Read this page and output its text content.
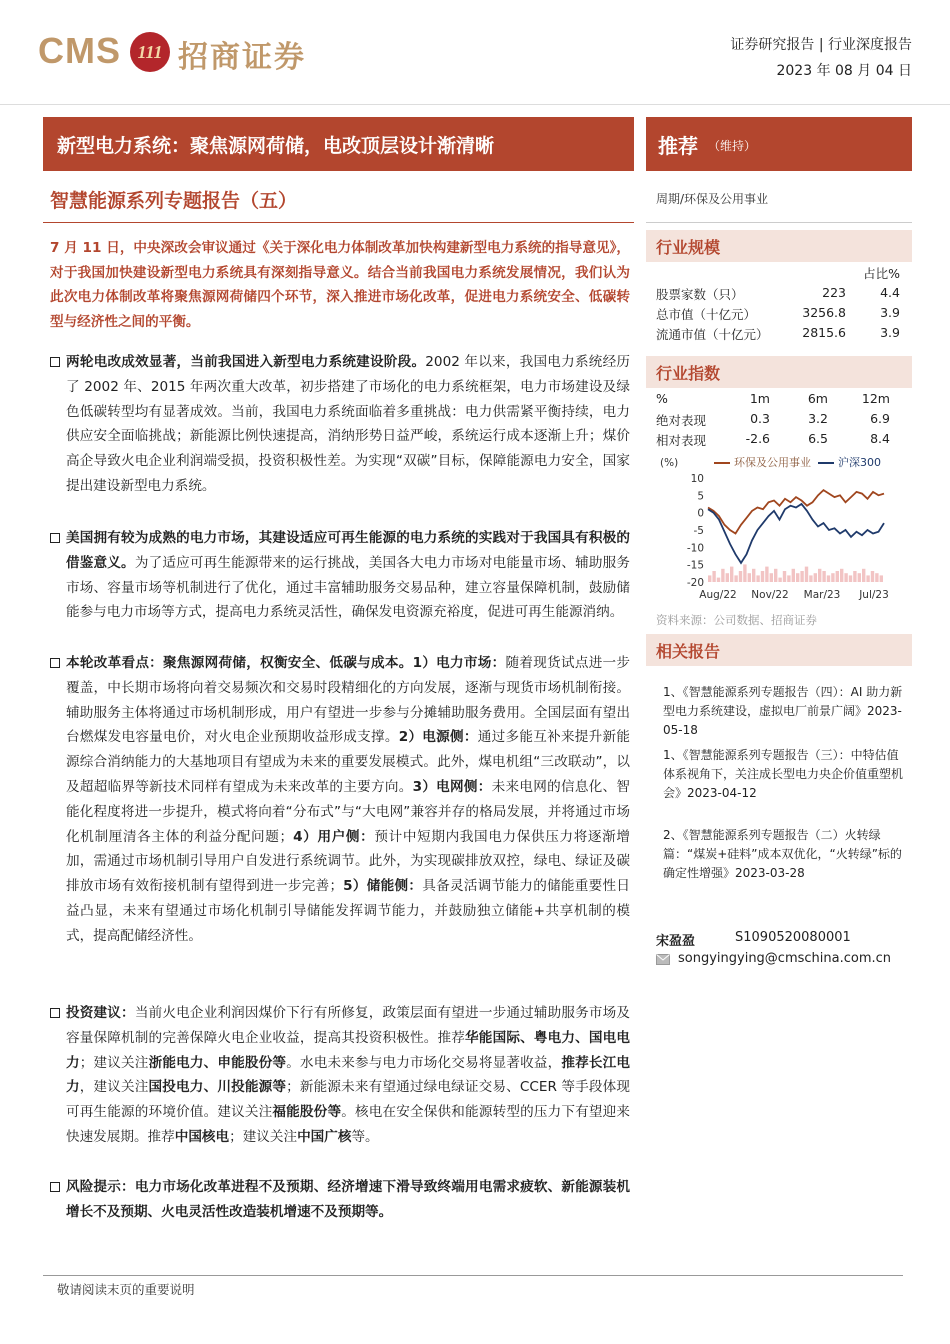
CMS 111 招商证券	证券研究报告 | 行业深度报告
2023 年 08 月 04 日
新型电力系统：聚焦源网荷储，电改顶层设计渐清晰	推荐 （维持）
智慧能源系列专题报告（五）	周期/环保及公用事业
7 月 11 日，中央深改会审议通过《关于深化电力体制改革加快构建新型电力系统的指导意见》，对于我国加快建设新型电力系统具有深刻指导意义。结合当前我国电力系统发展情况，我们认为此次电力体制改革将聚焦源网荷储四个环节，深入推进市场化改革，促进电力系统安全、低碳转型与经济性之间的平衡。
两轮电改成效显著，当前我国进入新型电力系统建设阶段。2002 年以来，我国电力系统经历了 2002 年、2015 年两次重大改革，初步搭建了市场化的电力系统框架，电力市场建设及绿色低碳转型均有显著成效。当前，我国电力系统面临着多重挑战：电力供需紧平衡持续，电力供应安全面临挑战；新能源比例快速提高，消纳形势日益严峻，系统运行成本逐渐上升；煤价高企导致火电企业利润端受损，投资积极性差。为实现“双碳”目标，保障能源电力安全，国家提出建设新型电力系统。
美国拥有较为成熟的电力市场，其建设适应可再生能源的电力系统的实践对于我国具有积极的借鉴意义。为了适应可再生能源带来的运行挑战，美国各大电力市场对电能量市场、辅助服务市场、容量市场等机制进行了优化，通过丰富辅助服务交易品种，建立容量保障机制，鼓励储能参与电力市场等方式，提高电力系统灵活性，确保发电资源充裕度，促进可再生能源消纳。
本轮改革看点：聚焦源网荷储，权衡安全、低碳与成本。1）电力市场：随着现货试点进一步覆盖，中长期市场将向着交易频次和交易时段精细化的方向发展，逐渐与现货市场机制衔接。辅助服务主体将通过市场机制形成，用户有望进一步参与分摊辅助服务费用。全国层面有望出台燃煤发电容量电价，对火电企业预期收益形成支撑。2）电源侧：通过多能互补来提升新能源综合消纳能力的大基地项目有望成为未来的重要发展模式。此外，煤电机组“三改联动”，以及超超临界等新技术同样有望成为未来改革的主要方向。3）电网侧：未来电网的信息化、智能化程度将进一步提升，模式将向着“分布式”与“大电网”兼容并存的格局发展，并将通过市场化机制厘清各主体的利益分配问题；4）用户侧：预计中短期内我国电力保供压力将逐渐增加，需通过市场机制引导用户自发进行系统调节。此外，为实现碳排放双控，绿电、绿证及碳排放市场有效衔接机制有望得到进一步完善；5）储能侧：具备灵活调节能力的储能重要性日益凸显，未来有望通过市场化机制引导储能发挥调节能力，并鼓励独立储能+共享机制的模式，提高配储经济性。
投资建议：当前火电企业利润因煤价下行有所修复，政策层面有望进一步通过辅助服务市场及容量保障机制的完善保障火电企业收益，提高其投资积极性。推荐华能国际、粤电力、国电电力；建议关注浙能电力、申能股份等。水电未来参与电力市场化交易将显著收益，推荐长江电力，建议关注国投电力、川投能源等；新能源未来有望通过绿电绿证交易、CCER 等手段体现可再生能源的环境价值。建议关注福能股份等。核电在安全保供和能源转型的压力下有望迎来快速发展期。推荐中国核电；建议关注中国广核等。
风险提示：电力市场化改革进程不及预期、经济增速下滑导致终端用电需求疲软、新能源装机增长不及预期、火电灵活性改造装机增速不及预期等。
行业规模
占比%
股票家数（只）	223	4.4
总市值（十亿元）	3256.8	3.9
流通市值（十亿元）	2815.6	3.9
行业指数
%	1m	6m	12m
绝对表现	0.3	3.2	6.9
相对表现	-2.6	6.5	8.4
(%)
10
5
0
-5
-10
-15
-20
Aug/22 Nov/22 Mar/23 Jul/23
环保及公用事业	沪深300
资料来源：公司数据、招商证券
相关报告
1、《智慧能源系列专题报告（四）：AI 助力新型电力系统建设，虚拟电厂前景广阔》2023-05-18
1、《智慧能源系列专题报告（三）：中特估值体系视角下，关注成长型电力央企价值重塑机会》2023-04-12
2、《智慧能源系列专题报告（二）火转绿篇：“煤炭+硅料”成本双优化，“火转绿”标的确定性增强》2023-03-28
宋盈盈	S1090520080001
songyingying@cmschina.com.cn
敬请阅读末页的重要说明
